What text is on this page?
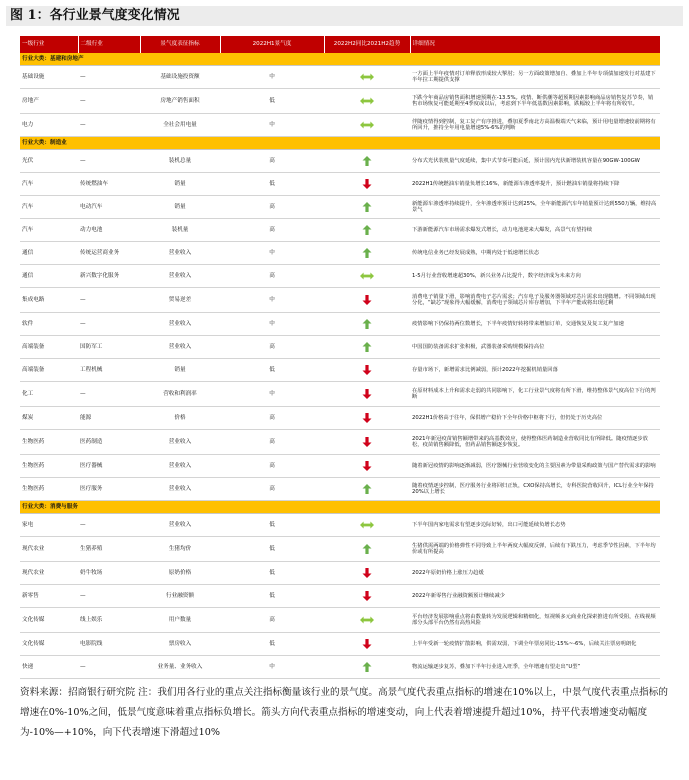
图 1：各行业景气度变化情况
一级行业	二级行业	景气度表征指标	2022H1景气度	2022H2同比2021H2趋势	详细情况
行业大类：基建和房地产					
基础设施	—	基础设施投资额	中		一方面上半年疫情对订单释放形成较大掣肘；另一方面政策增加自、叠加上半年专项债加速发行对基建下半年拉工期提供支撑
房地产	—	房地产销售面积	低		下跌今年商品房销售面积增速预期在-13.5%。疫情、断供潮等超预期因素影响商品房销售复苏节奏，销售市场恢复可能延期至4季度或以后，考虑到下半年低基数因素影响，跌幅较上半年将有所收窄。
电力	—	全社会用电量	中		伴随疫情得到控制，复工复产有序推进，叠加夏季南北方高温极端天气来临，预计用电量增速较前期将有所回升，推持全年用电量增速5%-6%的判断
行业大类：制造业					
光伏	—	装机总量	高		分布式光伏装机量气度延续，集中式节奏可能后延，预计国内光伏新增装机容量在90GW-100GW
汽车	传统燃油车	销量	低		2022H1传统燃油车销量负增长16%，新能源车渗透率提升，预计燃油车销量将持续下降
汽车	电动汽车	销量	高		新能源车渗透率持续提升，全年渗透率预计达到25%，全年新能源汽车年销量预计达到550万辆，维持高景气
汽车	动力电池	装机量	高		下游新能源汽车市场需求爆发式增长，动力电池迎来大爆发，高景气有望持续
通信	传统运营商业务	营业收入	中		传统电信业务已经发展成熟，中期内处于低速增长状态
通信	新兴数字化服务	营业收入	高		1-5月行业营收增速超30%，新兴业务占比提升，数字经济成为未来方向
集成电路	—	贸易逆差	中		消费电子销量下滑，影响消费电子芯片需求；汽车电子及服务器领域对芯片需求出现微增。不同领域出现分化，“缺芯”现象得大幅缓解，消费电子领域芯片库存增加，下半年产能或将出现过剩
软件	—	营业收入	中		疫情影响下仍保持两位数增长，下半年疫情好转将带来增加订单，交通恢复及复工复产加速
高端装备	国防军工	营业收入	高		中国国防装备需求扩张积极，武器装备采购规模保持高位
高端装备	工程机械	销量	低		存量市场下，新增需求比例减弱，预计2022年挖掘机销量回落
化工	—	营收和利润率	中		在原材料成本上升和需求走弱的共同影响下，化工行业景气度将有所下滑，维持整体景气度高位下行的判断
煤炭	能源	价格	高		2022H1价格高于往年，保供增产稳价下全年价格中枢将下行，但仍处于历史高位
生物医药	医药制造	营业收入	高		2021年新冠疫苗销售额增带来的高基数效应，使得整体医药制造业营收同比有所降低。随疫情逐步放松，疫苗销售额降低，但药品销售额逐步恢复。
生物医药	医疗器械	营业收入	高		随着新冠疫情的影响逐渐减弱，医疗器械行业营收变化的主要因素为带量采购政策与国产替代需求的影响
生物医药	医疗服务	营业收入	高		随着疫情逐步控制，医疗服务行业将回归正轨，CXO保持高增长，专科医院营收回升，ICL行业全年保持20%以上增长
行业大类：消费与服务					
家电	—	营业收入	低		下半年国内家电需求有望逐步边际好转，出口可能延续负增长态势
现代农业	生猪养殖	生猪均价	低		生猪供需两端的价格弹性不同导致上半年两度大幅度反弹，后续有下跌压力，考虑季节性因素，下半年均价或有所提高
现代农业	奶牛牧场	原奶价格	低		2022年原奶价格上涨压力趋缓
新零售	—	行业融资额	低		2022年新零售行业融资额预计继续减少
文化传媒	线上娱乐	用户数量	高		平台经济发展影响重点将由数量转为发展逻辑和精细化，短视频多元商业化探索推进有所受阻，在线视频部分头部平台仍然有高热风险
文化传媒	电影院线	票房收入	低		上半年受新一轮疫情扩散影响，供需双弱，下调全年票房同比-15%~-6%，后续关注票房明朗化
快递	—	业务量、业务收入	中		物流运输逐步复苏，叠加下半年行业进入旺季，全年增速有望走出“U型”
资料来源：招商银行研究院 注：我们用各行业的重点关注指标衡量该行业的景气度。高景气度代表重点指标的增速在10%以上，中景气度代表重点指标的增速在0%-10%之间，低景气度意味着重点指标负增长。箭头方向代表重点指标的增速变动，向上代表着增速提升超过10%，持平代表增速变动幅度为-10%—+10%，向下代表增速下滑超过10%
